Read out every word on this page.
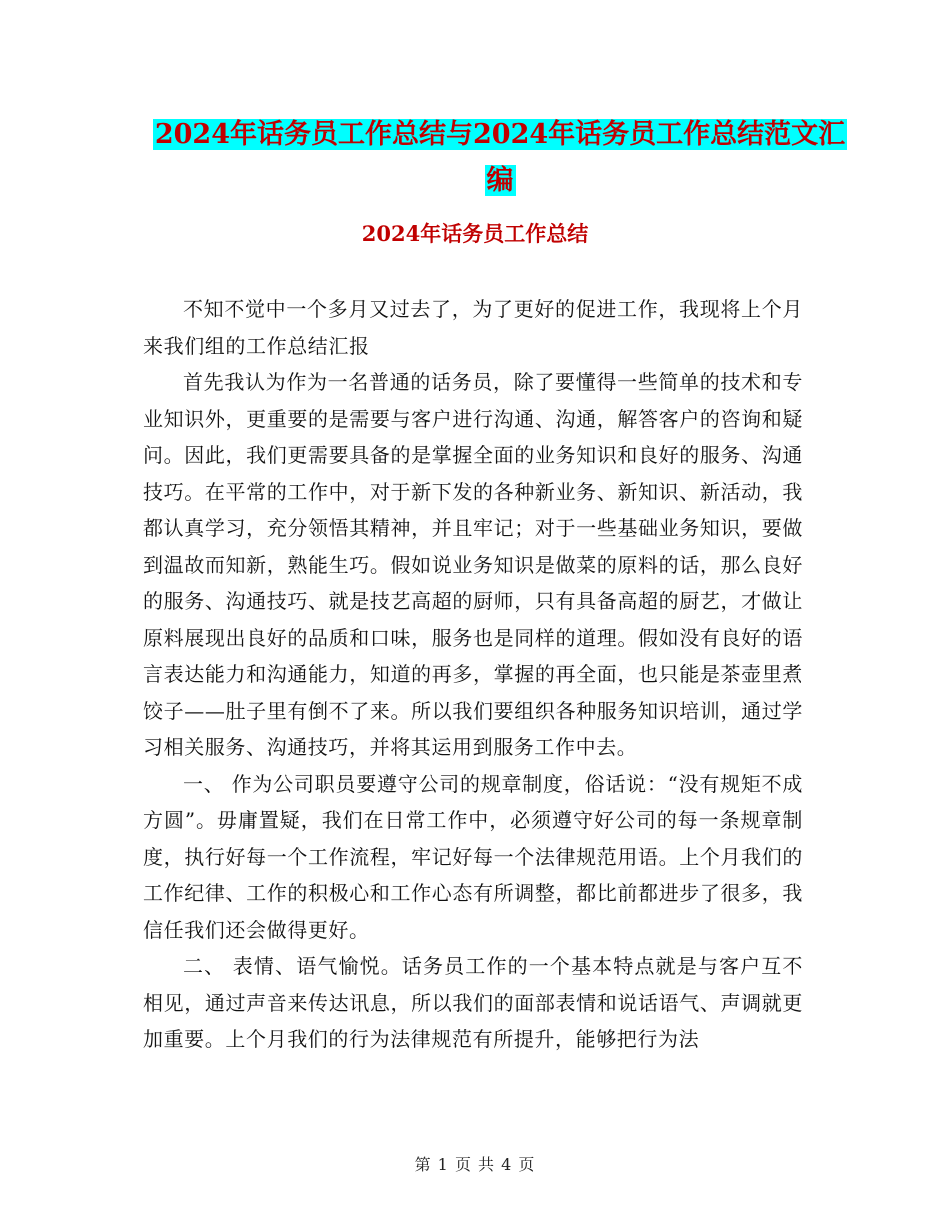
2024年话务员工作总结与2024年话务员工作总结范文汇编
2024年话务员工作总结

不知不觉中一个多月又过去了，为了更好的促进工作，我现将上个月来我们组的工作总结汇报

首先我认为作为一名普通的话务员，除了要懂得一些简单的技术和专业知识外，更重要的是需要与客户进行沟通、沟通，解答客户的咨询和疑问。因此，我们更需要具备的是掌握全面的业务知识和良好的服务、沟通技巧。在平常的工作中，对于新下发的各种新业务、新知识、新活动，我都认真学习，充分领悟其精神，并且牢记；对于一些基础业务知识，要做到温故而知新，熟能生巧。假如说业务知识是做菜的原料的话，那么良好的服务、沟通技巧、就是技艺高超的厨师，只有具备高超的厨艺，才做让原料展现出良好的品质和口味，服务也是同样的道理。假如没有良好的语言表达能力和沟通能力，知道的再多，掌握的再全面，也只能是茶壶里煮饺子——肚子里有倒不了来。所以我们要组织各种服务知识培训，通过学习相关服务、沟通技巧，并将其运用到服务工作中去。

一、 作为公司职员要遵守公司的规章制度，俗话说：“没有规矩不成方圆”。毋庸置疑，我们在日常工作中，必须遵守好公司的每一条规章制度，执行好每一个工作流程，牢记好每一个法律规范用语。上个月我们的工作纪律、工作的积极心和工作心态有所调整，都比前都进步了很多，我信任我们还会做得更好。

二、 表情、语气愉悦。话务员工作的一个基本特点就是与客户互不相见，通过声音来传达讯息，所以我们的面部表情和说话语气、声调就更加重要。上个月我们的行为法律规范有所提升，能够把行为法

第 1 页 共 4 页
